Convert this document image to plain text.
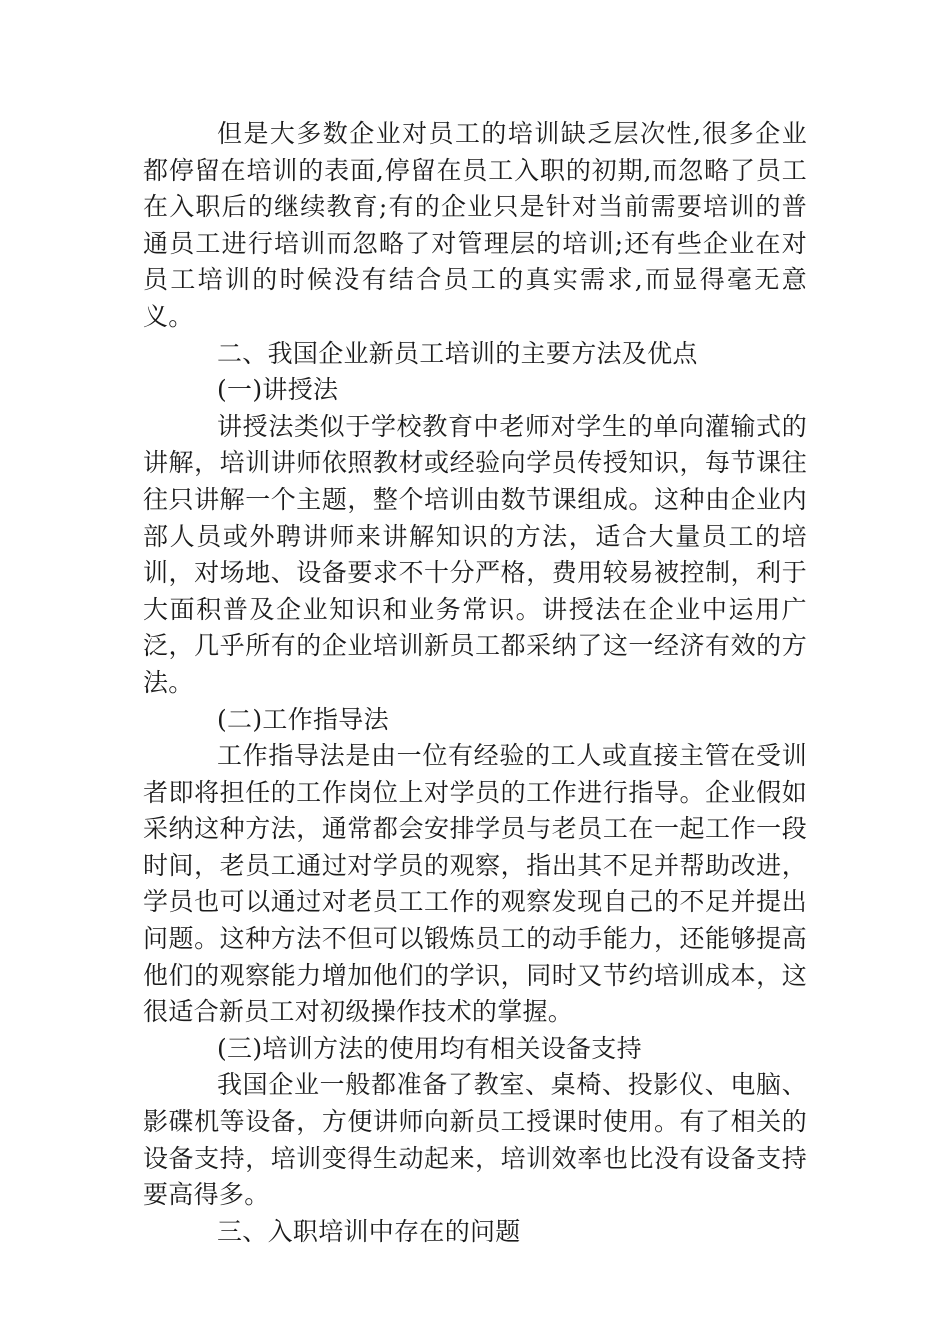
但是大多数企业对员工的培训缺乏层次性,很多企业都停留在培训的表面,停留在员工入职的初期,而忽略了员工在入职后的继续教育;有的企业只是针对当前需要培训的普通员工进行培训而忽略了对管理层的培训;还有些企业在对员工培训的时候没有结合员工的真实需求,而显得毫无意义。

二、我国企业新员工培训的主要方法及优点

(一)讲授法

讲授法类似于学校教育中老师对学生的单向灌输式的讲解，培训讲师依照教材或经验向学员传授知识，每节课往往只讲解一个主题，整个培训由数节课组成。这种由企业内部人员或外聘讲师来讲解知识的方法，适合大量员工的培训，对场地、设备要求不十分严格，费用较易被控制，利于大面积普及企业知识和业务常识。讲授法在企业中运用广泛，几乎所有的企业培训新员工都采纳了这一经济有效的方法。

(二)工作指导法

工作指导法是由一位有经验的工人或直接主管在受训者即将担任的工作岗位上对学员的工作进行指导。企业假如采纳这种方法，通常都会安排学员与老员工在一起工作一段时间，老员工通过对学员的观察，指出其不足并帮助改进，学员也可以通过对老员工工作的观察发现自己的不足并提出问题。这种方法不但可以锻炼员工的动手能力，还能够提高他们的观察能力增加他们的学识，同时又节约培训成本，这很适合新员工对初级操作技术的掌握。

(三)培训方法的使用均有相关设备支持

我国企业一般都准备了教室、桌椅、投影仪、电脑、影碟机等设备，方便讲师向新员工授课时使用。有了相关的设备支持，培训变得生动起来，培训效率也比没有设备支持要高得多。

三、入职培训中存在的问题
